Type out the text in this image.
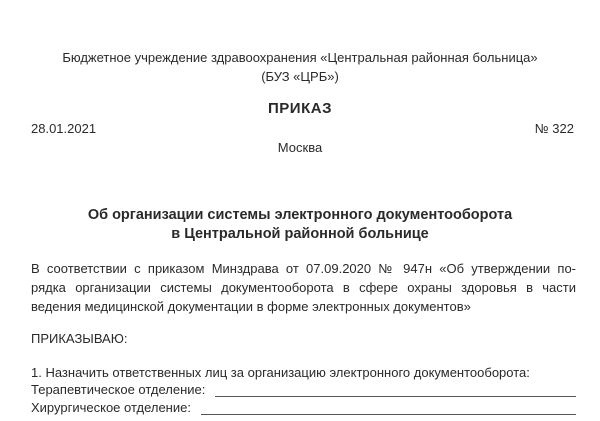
Бюджетное учреждение здравоохранения «Центральная районная больница»
(БУЗ «ЦРБ»)
ПРИКАЗ
28.01.2021	№ 322
Москва
Об организации системы электронного документооборота
в Центральной районной больнице
В соответствии с приказом Минздрава от 07.09.2020 № 947н «Об утверждении по-
рядка организации системы документооборота в сфере охраны здоровья в части
ведения медицинской документации в форме электронных документов»
ПРИКАЗЫВАЮ:
1. Назначить ответственных лиц за организацию электронного документооборота:
Терапевтическое отделение:
Хирургическое отделение:
